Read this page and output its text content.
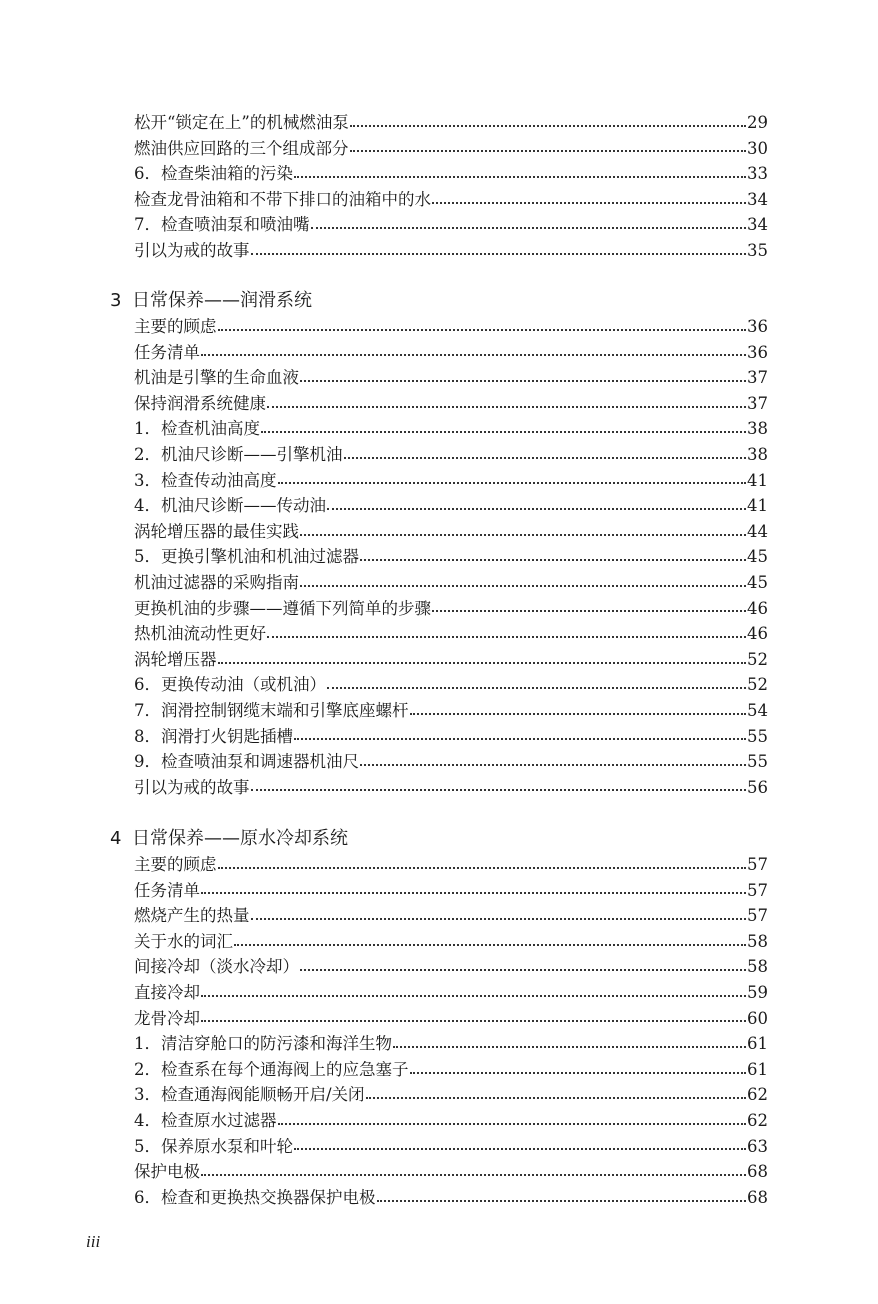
松开“锁定在上”的机械燃油泵	29
燃油供应回路的三个组成部分	30
6．检查柴油箱的污染	33
检查龙骨油箱和不带下排口的油箱中的水	34
7．检查喷油泵和喷油嘴	34
引以为戒的故事	35
3 日常保养——润滑系统
主要的顾虑	36
任务清单	36
机油是引擎的生命血液	37
保持润滑系统健康	37
1．检查机油高度	38
2．机油尺诊断——引擎机油	38
3．检查传动油高度	41
4．机油尺诊断——传动油	41
涡轮增压器的最佳实践	44
5．更换引擎机油和机油过滤器	45
机油过滤器的采购指南	45
更换机油的步骤——遵循下列简单的步骤	46
热机油流动性更好	46
涡轮增压器	52
6．更换传动油（或机油）	52
7．润滑控制钢缆末端和引擎底座螺杆	54
8．润滑打火钥匙插槽	55
9．检查喷油泵和调速器机油尺	55
引以为戒的故事	56
4 日常保养——原水冷却系统
主要的顾虑	57
任务清单	57
燃烧产生的热量	57
关于水的词汇	58
间接冷却（淡水冷却）	58
直接冷却	59
龙骨冷却	60
1．清洁穿舱口的防污漆和海洋生物	61
2．检查系在每个通海阀上的应急塞子	61
3．检查通海阀能顺畅开启/关闭	62
4．检查原水过滤器	62
5．保养原水泵和叶轮	63
保护电极	68
6．检查和更换热交换器保护电极	68
iii
